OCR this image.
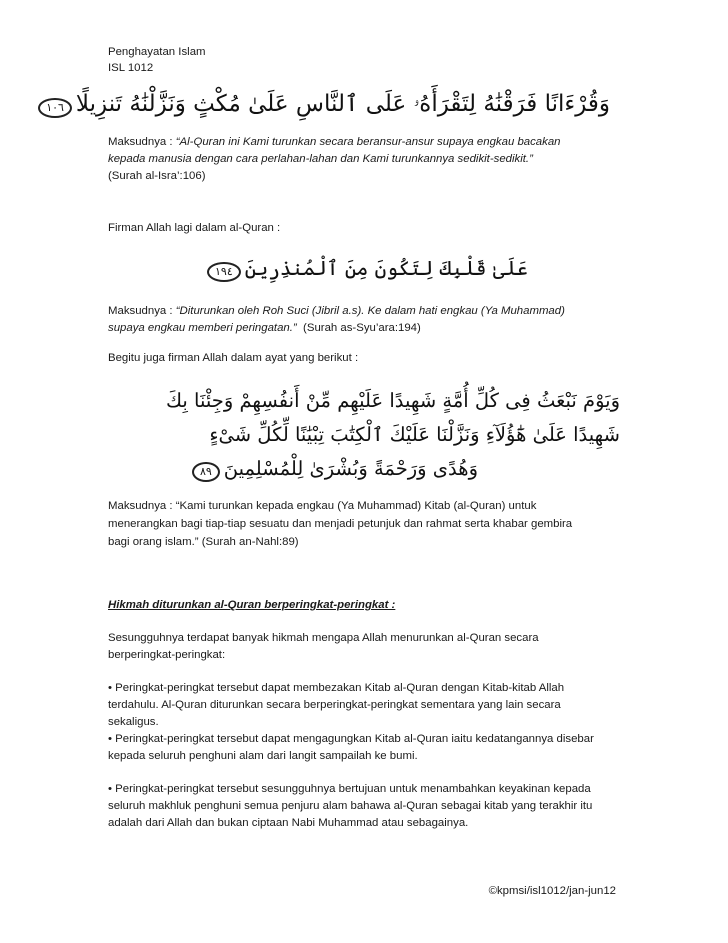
Penghayatan Islam
ISL 1012
وَقُرْءَانًا فَرَقْنَٰهُ لِتَقْرَأَهُۥ عَلَى ٱلنَّاسِ عَلَىٰ مُكْثٍ وَنَزَّلْنَٰهُ تَنزِيلًا١٠٦
Maksudnya : “Al-Quran ini Kami turunkan secara beransur-ansur supaya engkau bacakan
kepada manusia dengan cara perlahan-lahan dan Kami turunkannya sedikit-sedikit.”
(Surah al-Isra’:106)
Firman Allah lagi dalam al-Quran :
عَلَىٰ قَلْبِكَ لِتَكُونَ مِنَ ٱلْمُنذِرِينَ١٩٤
Maksudnya : “Diturunkan oleh Roh Suci (Jibril a.s). Ke dalam hati engkau (Ya Muhammad)
supaya engkau memberi peringatan.” (Surah as-Syu’ara:194)
Begitu juga firman Allah dalam ayat yang berikut :
وَيَوْمَ نَبْعَثُ فِى كُلِّ أُمَّةٍ شَهِيدًا عَلَيْهِم مِّنْ أَنفُسِهِمْ وَجِئْنَا بِكَ
شَهِيدًا عَلَىٰ هَٰٓؤُلَآءِ وَنَزَّلْنَا عَلَيْكَ ٱلْكِتَٰبَ تِبْيَٰنًا لِّكُلِّ شَىْءٍ
وَهُدًى وَرَحْمَةً وَبُشْرَىٰ لِلْمُسْلِمِينَ٨٩
Maksudnya : “Kami turunkan kepada engkau (Ya Muhammad) Kitab (al-Quran) untuk
menerangkan bagi tiap-tiap sesuatu dan menjadi petunjuk dan rahmat serta khabar gembira
bagi orang islam.” (Surah an-Nahl:89)
Hikmah diturunkan al-Quran berperingkat-peringkat :
Sesungguhnya terdapat banyak hikmah mengapa Allah menurunkan al-Quran secara
berperingkat-peringkat:
• Peringkat-peringkat tersebut dapat membezakan Kitab al-Quran dengan Kitab-kitab Allah
terdahulu. Al-Quran diturunkan secara berperingkat-peringkat sementara yang lain secara
sekaligus.
• Peringkat-peringkat tersebut dapat mengagungkan Kitab al-Quran iaitu kedatangannya disebar
kepada seluruh penghuni alam dari langit sampailah ke bumi.
• Peringkat-peringkat tersebut sesungguhnya bertujuan untuk menambahkan keyakinan kepada
seluruh makhluk penghuni semua penjuru alam bahawa al-Quran sebagai kitab yang terakhir itu
adalah dari Allah dan bukan ciptaan Nabi Muhammad atau sebagainya.
©kpmsi/isl1012/jan-jun12
